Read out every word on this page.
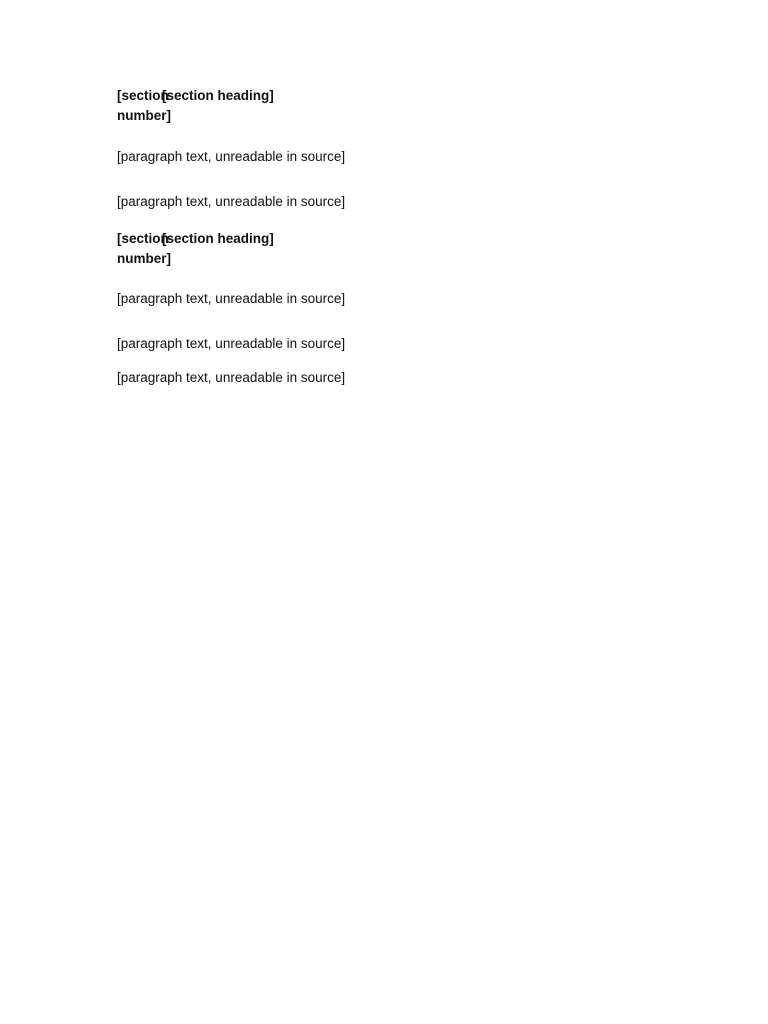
[section number]
[section heading]

[paragraph text, unreadable in source]

[paragraph text, unreadable in source]

[section number]
[section heading]

[paragraph text, unreadable in source]

[paragraph text, unreadable in source]

[paragraph text, unreadable in source]
